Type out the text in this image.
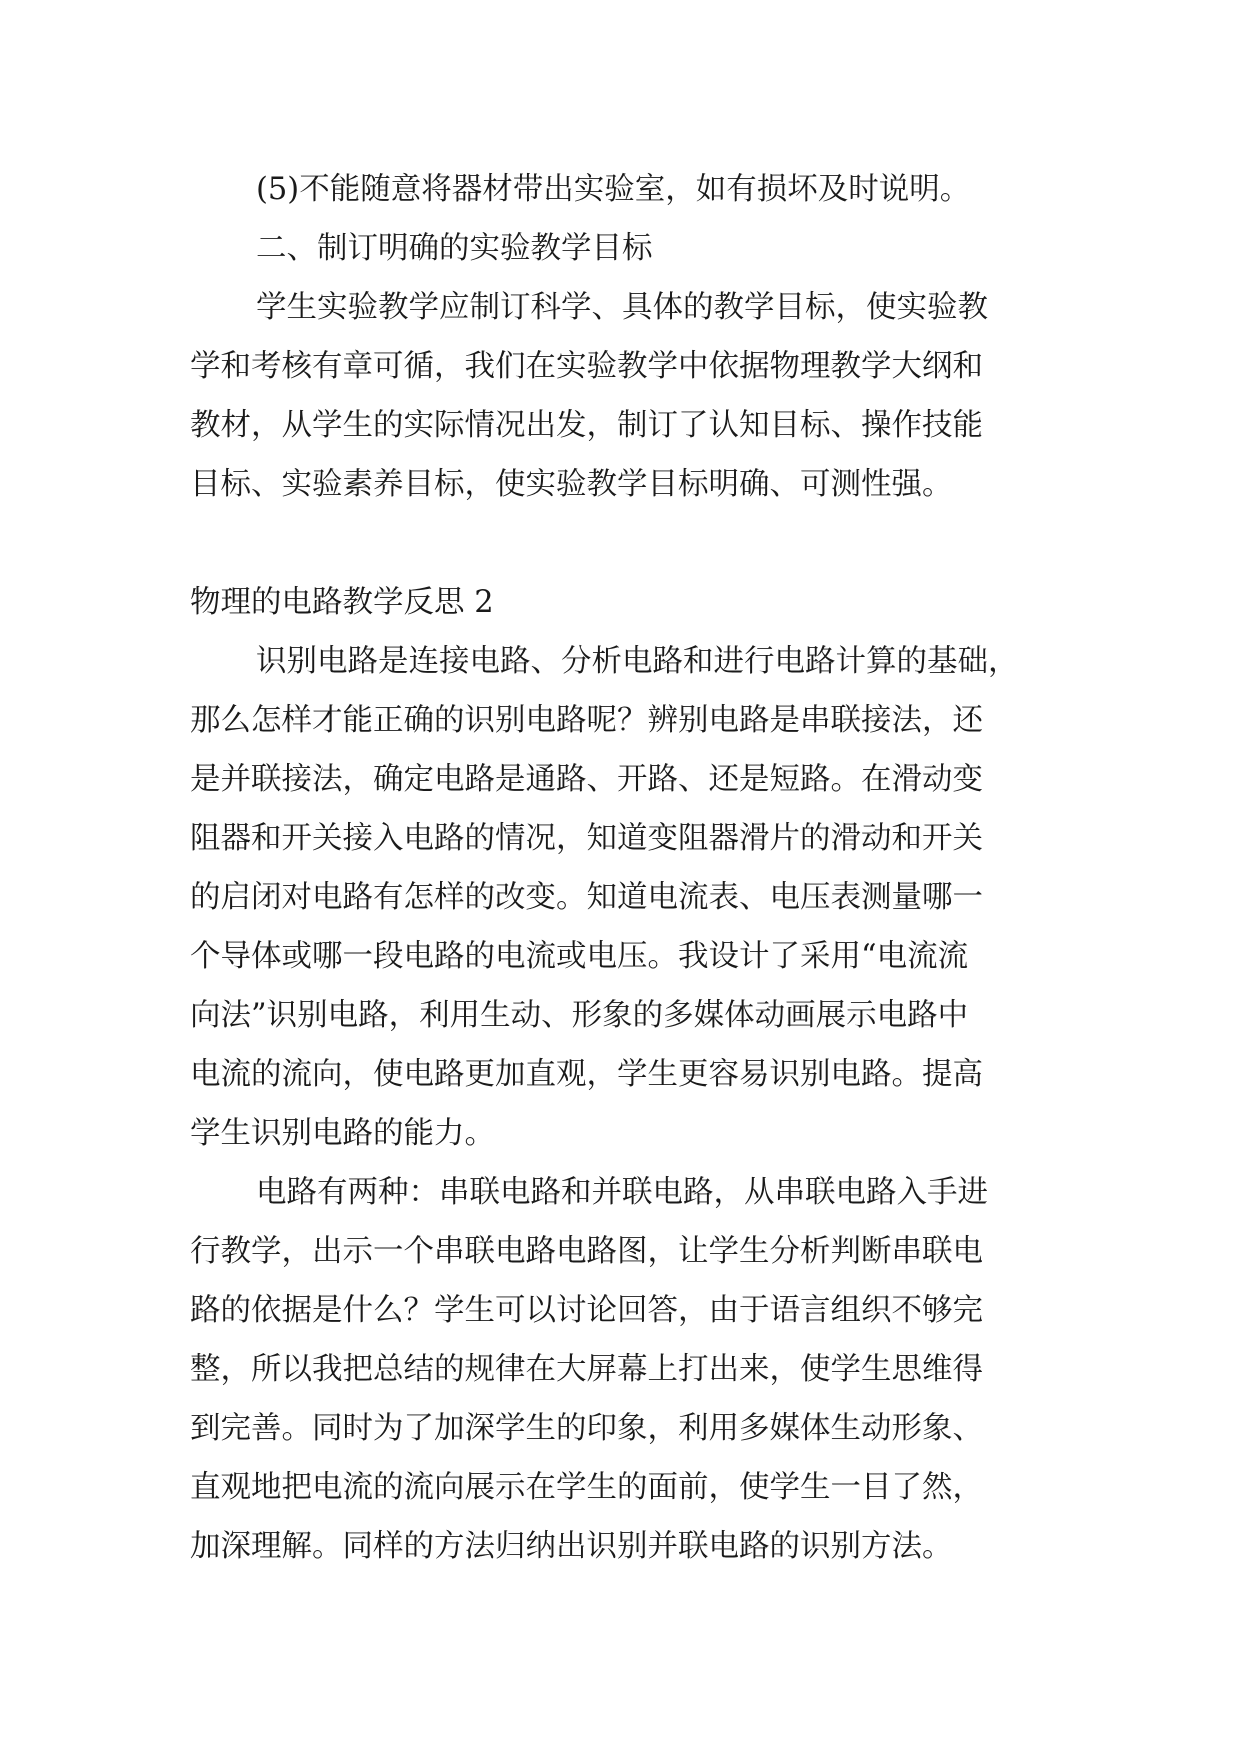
(5)不能随意将器材带出实验室，如有损坏及时说明。
二、制订明确的实验教学目标
学生实验教学应制订科学、具体的教学目标，使实验教
学和考核有章可循，我们在实验教学中依据物理教学大纲和
教材，从学生的实际情况出发，制订了认知目标、操作技能
目标、实验素养目标，使实验教学目标明确、可测性强。
物理的电路教学反思 2
识别电路是连接电路、分析电路和进行电路计算的基础，
那么怎样才能正确的识别电路呢？辨别电路是串联接法，还
是并联接法，确定电路是通路、开路、还是短路。在滑动变
阻器和开关接入电路的情况，知道变阻器滑片的滑动和开关
的启闭对电路有怎样的改变。知道电流表、电压表测量哪一
个导体或哪一段电路的电流或电压。我设计了采用“电流流
向法”识别电路，利用生动、形象的多媒体动画展示电路中
电流的流向，使电路更加直观，学生更容易识别电路。提高
学生识别电路的能力。
电路有两种：串联电路和并联电路，从串联电路入手进
行教学，出示一个串联电路电路图，让学生分析判断串联电
路的依据是什么？学生可以讨论回答，由于语言组织不够完
整，所以我把总结的规律在大屏幕上打出来，使学生思维得
到完善。同时为了加深学生的印象，利用多媒体生动形象、
直观地把电流的流向展示在学生的面前，使学生一目了然，
加深理解。同样的方法归纳出识别并联电路的识别方法。
